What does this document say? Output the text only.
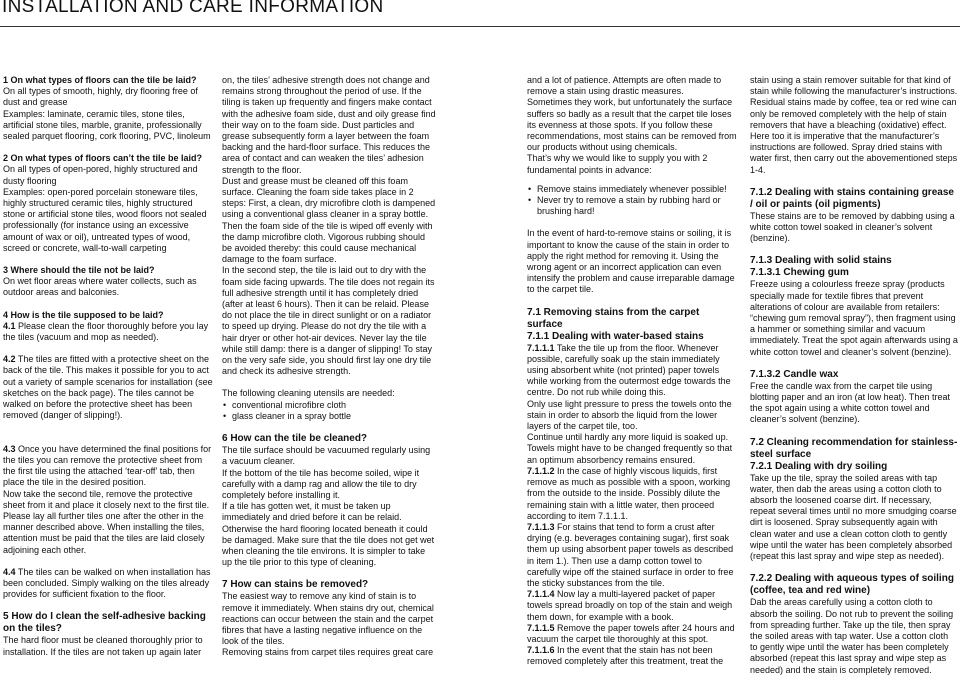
INSTALLATION AND CARE INFORMATION
1 On what types of floors can the tile be laid?
On all types of smooth, highly, dry flooring free of dust and grease
Examples: laminate, ceramic tiles, stone tiles, artificial stone tiles, marble, granite, professionally sealed parquet flooring, cork flooring, PVC, linoleum
2 On what types of floors can’t the tile be laid?
On all types of open-pored, highly structured and dusty flooring
Examples: open-pored porcelain stoneware tiles, highly structured ceramic tiles, highly structured stone or artificial stone tiles, wood floors not sealed professionally (for instance using an excessive amount of wax or oil), untreated types of wood, screed or concrete, wall-to-wall carpeting
3 Where should the tile not be laid?
On wet floor areas where water collects, such as outdoor areas and balconies.
4 How is the tile supposed to be laid?
4.1 Please clean the floor thoroughly before you lay the tiles (vacuum and mop as needed).
4.2 The tiles are fitted with a protective sheet on the back of the tile. This makes it possible for you to act out a variety of sample scenarios for installation (see sketches on the back page). The tiles cannot be walked on before the protective sheet has been removed (danger of slipping!).

4.3 Once you have determined the final positions for the tiles you can remove the protective sheet from the first tile using the attached ‘tear-off’ tab, then place the tile in the desired position.
Now take the second tile, remove the protective sheet from it and place it closely next to the first tile. Please lay all further tiles one after the other in the manner described above. When installing the tiles, attention must be paid that the tiles are laid closely adjoining each other.

4.4 The tiles can be walked on when installation has been concluded. Simply walking on the tiles already provides for sufficient fixation to the floor.
5 How do I clean the self-adhesive backing on the tiles?
The hard floor must be cleaned thoroughly prior to installation. If the tiles are not taken up again later
on, the tiles’ adhesive strength does not change and remains strong throughout the period of use. If the tiling is taken up frequently and fingers make contact with the adhesive foam side, dust and oily grease find their way on to the foam side. Dust particles and grease subsequently form a layer between the foam backing and the hard-floor surface. This reduces the area of contact and can weaken the tiles’ adhesion strength to the floor.
Dust and grease must be cleaned off this foam surface. Cleaning the foam side takes place in 2 steps: First, a clean, dry microfibre cloth is dampened using a conventional glass cleaner in a spray bottle. Then the foam side of the tile is wiped off evenly with the damp microfibre cloth. Vigorous rubbing should be avoided thereby: this could cause mechanical damage to the foam surface.
In the second step, the tile is laid out to dry with the foam side facing upwards. The tile does not regain its full adhesive strength until it has completely dried (after at least 6 hours). Then it can be relaid. Please do not place the tile in direct sunlight or on a radiator to speed up drying. Please do not dry the tile with a hair dryer or other hot-air devices. Never lay the tile while still damp: there is a danger of slipping! To stay on the very safe side, you should first lay one dry tile and check its adhesive strength.
The following cleaning utensils are needed:
• conventional microfibre cloth
• glass cleaner in a spray bottle
6 How can the tile be cleaned?
The tile surface should be vacuumed regularly using a vacuum cleaner.
If the bottom of the tile has become soiled, wipe it carefully with a damp rag and allow the tile to dry completely before installing it.
If a tile has gotten wet, it must be taken up immediately and dried before it can be relaid. Otherwise the hard flooring located beneath it could be damaged. Make sure that the tile does not get wet when cleaning the tile environs. It is simpler to take up the tile prior to this type of cleaning.
7 How can stains be removed?
The easiest way to remove any kind of stain is to remove it immediately. When stains dry out, chemical reactions can occur between the stain and the carpet fibres that have a lasting negative influence on the look of the tiles.
Removing stains from carpet tiles requires great care
and a lot of patience. Attempts are often made to remove a stain using drastic measures.
Sometimes they work, but unfortunately the surface suffers so badly as a result that the carpet tile loses its evenness at those spots. If you follow these recommendations, most stains can be removed from our products without using chemicals.
That’s why we would like to supply you with 2 fundamental points in advance:
• Remove stains immediately whenever possible!
• Never try to remove a stain by rubbing hard or brushing hard!
In the event of hard-to-remove stains or soiling, it is important to know the cause of the stain in order to apply the right method for removing it. Using the wrong agent or an incorrect application can even intensify the problem and cause irreparable damage to the carpet tile.
7.1 Removing stains from the carpet surface
7.1.1 Dealing with water-based stains
7.1.1.1 Take the tile up from the floor. Whenever possible, carefully soak up the stain immediately using absorbent white (not printed) paper towels while working from the outermost edge towards the centre. Do not rub while doing this.
Only use light pressure to press the towels onto the stain in order to absorb the liquid from the lower layers of the carpet tile, too.
Continue until hardly any more liquid is soaked up. Towels might have to be changed frequently so that an optimum absorbency remains ensured.
7.1.1.2 In the case of highly viscous liquids, first remove as much as possible with a spoon, working from the outside to the inside. Possibly dilute the remaining stain with a little water, then proceed according to item 7.1.1.1.
7.1.1.3 For stains that tend to form a crust after drying (e.g. beverages containing sugar), first soak them up using absorbent paper towels as described in item 1.). Then use a damp cotton towel to carefully wipe off the stained surface in order to free the sticky substances from the tile.
7.1.1.4 Now lay a multi-layered packet of paper towels spread broadly on top of the stain and weigh them down, for example with a book.
7.1.1.5 Remove the paper towels after 24 hours and vacuum the carpet tile thoroughly at this spot.
7.1.1.6 In the event that the stain has not been removed completely after this treatment, treat the
stain using a stain remover suitable for that kind of stain while following the manufacturer’s instructions. Residual stains made by coffee, tea or red wine can only be removed completely with the help of stain removers that have a bleaching (oxidative) effect. Here too it is imperative that the manufacturer’s instructions are followed. Spray dried stains with water first, then carry out the abovementioned steps 1-4.
7.1.2 Dealing with stains containing grease / oil or paints (oil pigments)
These stains are to be removed by dabbing using a white cotton towel soaked in cleaner’s solvent (benzine).
7.1.3 Dealing with solid stains
7.1.3.1 Chewing gum
Freeze using a colourless freeze spray (products specially made for textile fibres that prevent alterations of colour are available from retailers:
“chewing gum removal spray”), then fragment using a hammer or something similar and vacuum immediately. Treat the spot again afterwards using a white cotton towel and cleaner’s solvent (benzine).
7.1.3.2 Candle wax
Free the candle wax from the carpet tile using blotting paper and an iron (at low heat). Then treat the spot again using a white cotton towel and cleaner’s solvent (benzine).
7.2 Cleaning recommendation for stainless-steel surface
7.2.1 Dealing with dry soiling
Take up the tile, spray the soiled areas with tap water, then dab the areas using a cotton cloth to absorb the loosened coarse dirt. If necessary, repeat several times until no more smudging coarse dirt is loosened. Spray subsequently again with clean water and use a clean cotton cloth to gently wipe until the water has been completely absorbed (repeat this last spray and wipe step as needed).
7.2.2 Dealing with aqueous types of soiling (coffee, tea and red wine)
Dab the areas carefully using a cotton cloth to absorb the soiling. Do not rub to prevent the soiling from spreading further. Take up the tile, then spray the soiled areas with tap water. Use a cotton cloth to gently wipe until the water has been completely absorbed (repeat this last spray and wipe step as needed) and the stain is completely removed.
